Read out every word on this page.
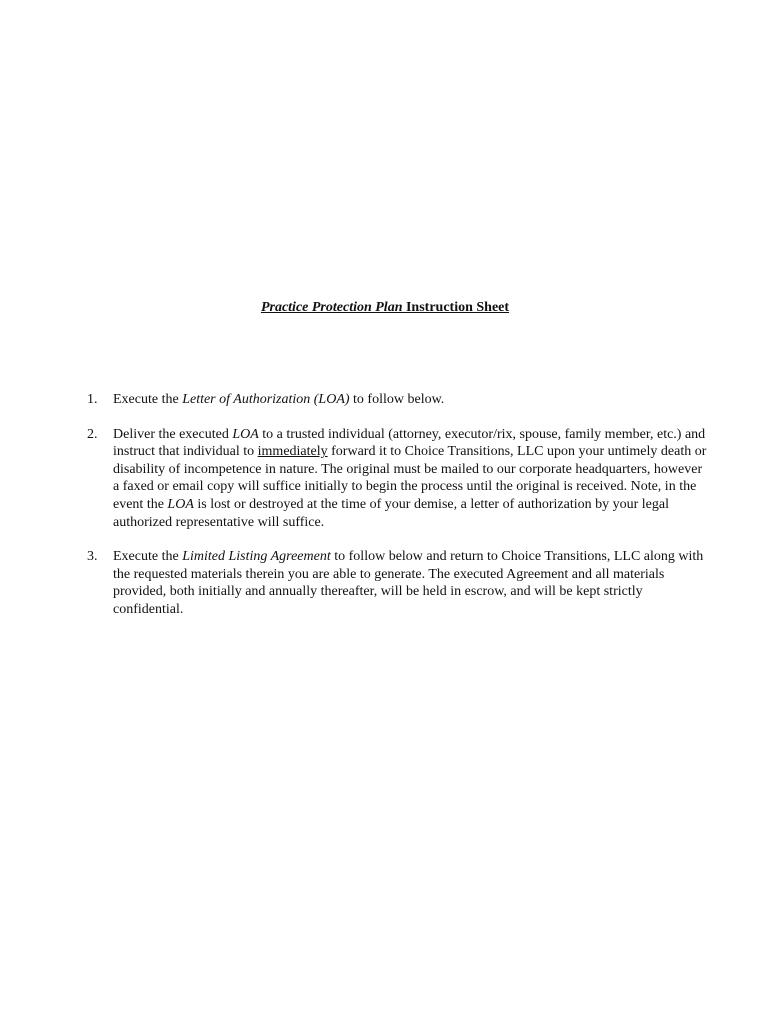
Practice Protection Plan Instruction Sheet
1. Execute the Letter of Authorization (LOA) to follow below.
2. Deliver the executed LOA to a trusted individual (attorney, executor/rix, spouse, family member, etc.) and instruct that individual to immediately forward it to Choice Transitions, LLC upon your untimely death or disability of incompetence in nature. The original must be mailed to our corporate headquarters, however a faxed or email copy will suffice initially to begin the process until the original is received. Note, in the event the LOA is lost or destroyed at the time of your demise, a letter of authorization by your legal authorized representative will suffice.
3. Execute the Limited Listing Agreement to follow below and return to Choice Transitions, LLC along with the requested materials therein you are able to generate. The executed Agreement and all materials provided, both initially and annually thereafter, will be held in escrow, and will be kept strictly confidential.
